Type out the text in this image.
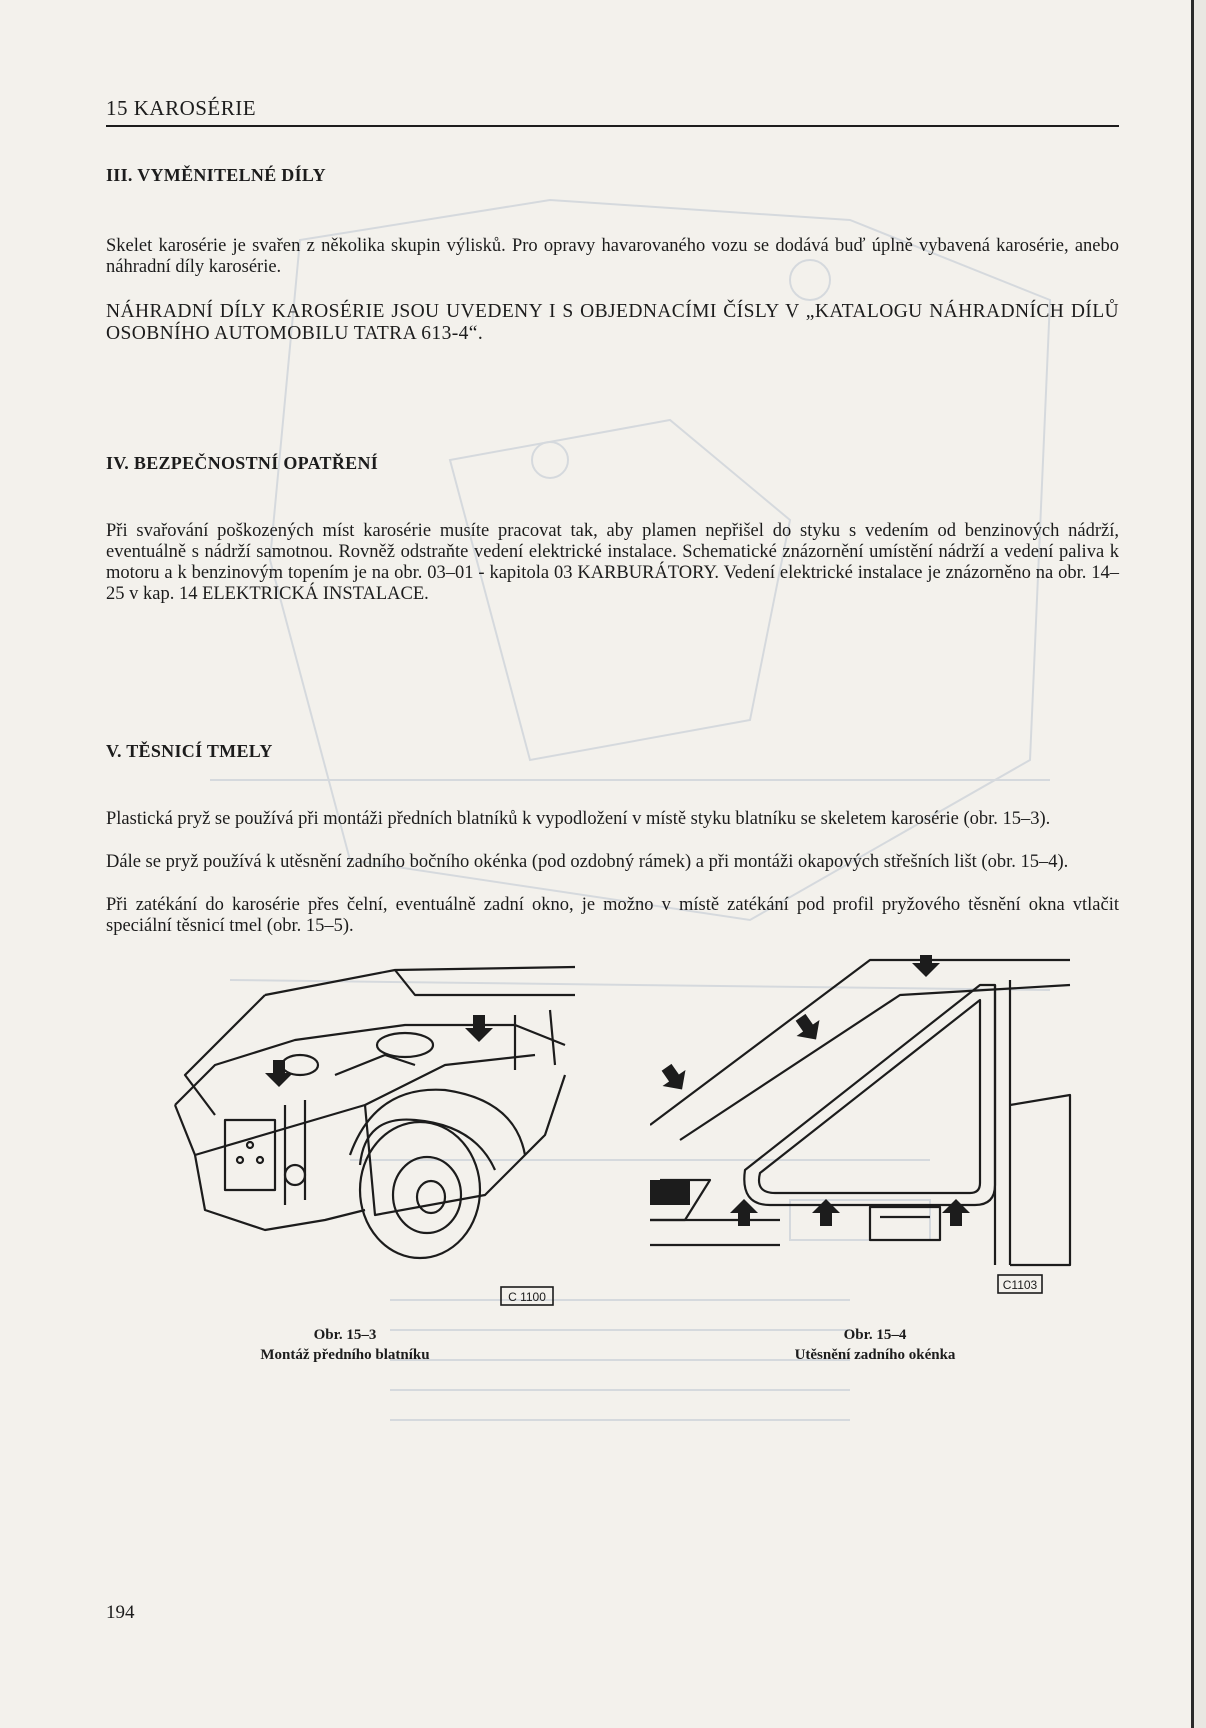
15 KAROSÉRIE
III. VYMĚNITELNÉ DÍLY
Skelet karosérie je svařen z několika skupin výlisků. Pro opravy havarovaného vozu se dodává buď úplně vybavená karosérie, anebo náhradní díly karosérie.
NÁHRADNÍ DÍLY KAROSÉRIE JSOU UVEDENY I S OBJEDNACÍMI ČÍSLY V „KATALOGU NÁHRADNÍCH DÍLŮ OSOBNÍHO AUTOMOBILU TATRA 613-4“.
IV. BEZPEČNOSTNÍ OPATŘENÍ
Při svařování poškozených míst karosérie musíte pracovat tak, aby plamen nepřišel do styku s vedením od benzinových nádrží, eventuálně s nádrží samotnou. Rovněž odstraňte vedení elektrické instalace. Schematické znázornění umístění nádrží a vedení paliva k motoru a k benzinovým topením je na obr. 03–01 - kapitola 03 KARBURÁTORY. Vedení elektrické instalace je znázorněno na obr. 14–25 v kap. 14 ELEKTRICKÁ INSTALACE.
V. TĚSNICÍ TMELY
Plastická pryž se používá při montáži předních blatníků k vypodložení v místě styku blatníku se skeletem karosérie (obr. 15–3).
Dále se pryž používá k utěsnění zadního bočního okénka (pod ozdobný rámek) a při montáži okapových střešních lišt (obr. 15–4).
Při zatékání do karosérie přes čelní, eventuálně zadní okno, je možno v místě zatékání pod profil pryžového těsnění okna vtlačit speciální těsnicí tmel (obr. 15–5).
C 1100
Obr. 15–3
Montáž předního blatníku
C1103
Obr. 15–4
Utěsnění zadního okénka
194
